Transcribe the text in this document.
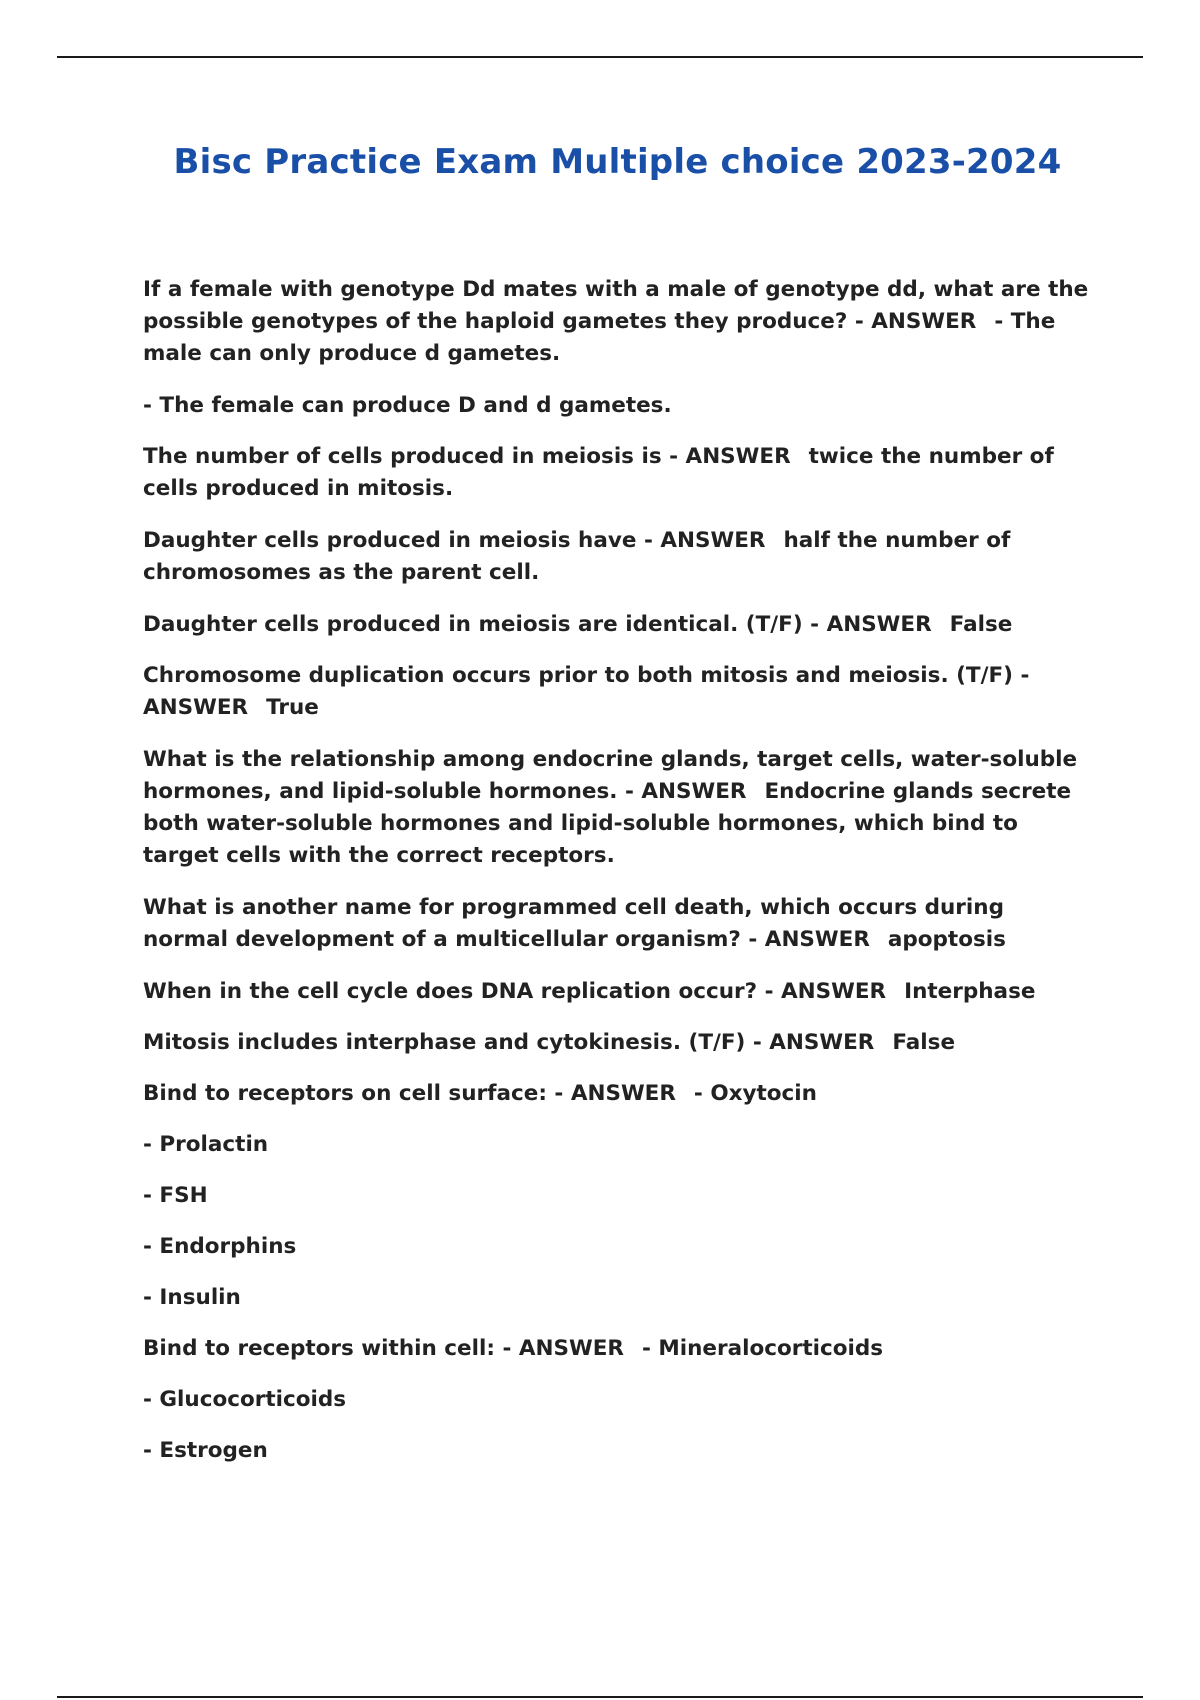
Bisc Practice Exam Multiple choice 2023-2024

If a female with genotype Dd mates with a male of genotype dd, what are the possible genotypes of the haploid gametes they produce? - ANSWER - The male can only produce d gametes.

- The female can produce D and d gametes.

The number of cells produced in meiosis is - ANSWER twice the number of cells produced in mitosis.

Daughter cells produced in meiosis have - ANSWER half the number of chromosomes as the parent cell.

Daughter cells produced in meiosis are identical. (T/F) - ANSWER False

Chromosome duplication occurs prior to both mitosis and meiosis. (T/F) - ANSWER True

What is the relationship among endocrine glands, target cells, water-soluble hormones, and lipid-soluble hormones. - ANSWER Endocrine glands secrete both water-soluble hormones and lipid-soluble hormones, which bind to target cells with the correct receptors.

What is another name for programmed cell death, which occurs during normal development of a multicellular organism? - ANSWER apoptosis

When in the cell cycle does DNA replication occur? - ANSWER Interphase

Mitosis includes interphase and cytokinesis. (T/F) - ANSWER False

Bind to receptors on cell surface: - ANSWER - Oxytocin

- Prolactin

- FSH

- Endorphins

- Insulin

Bind to receptors within cell: - ANSWER - Mineralocorticoids

- Glucocorticoids

- Estrogen
